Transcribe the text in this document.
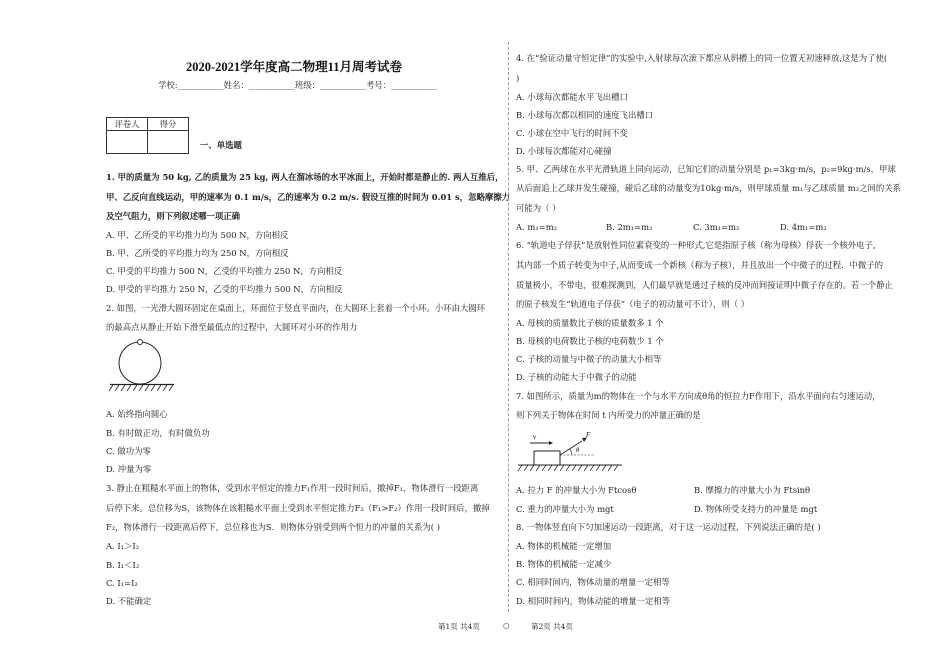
2020-2021学年度高二物理11月周考试卷
学校:___________姓名：___________班级：___________考号：___________
评卷人	得分

一、单选题
1. 甲的质量为 50 kg, 乙的质量为 25 kg, 两人在溜冰场的水平冰面上，开始时都是静止的. 两人互推后，
甲、乙反向直线运动，甲的速率为 0.1 m/s，乙的速率为 0.2 m/s. 假设互推的时间为 0.01 s，忽略摩擦力
及空气阻力，则下列叙述哪一项正确
A. 甲、乙所受的平均推力均为 500 N，方向相反
B. 甲、乙所受的平均推力均为 250 N，方向相反
C. 甲受的平均推力 500 N，乙受的平均推力 250 N，方向相反
D. 甲受的平均推力 250 N，乙受的平均推力 500 N，方向相反
2. 如图，一光滑大圆环固定在桌面上，环面位于竖直平面内，在大圆环上套着一个小环。小环由大圆环
的最高点从静止开始下滑至最低点的过程中，大圆环对小环的作用力
A. 始终指向圆心
B. 有时做正功，有时做负功
C. 做功为零
D. 冲量为零
3. 静止在粗糙水平面上的物体，受到水平恒定的推力F₁作用一段时间后，撤掉F₁，物体滑行一段距离
后停下来。总位移为S，该物体在该粗糙水平面上受到水平恒定推力F₂（F₁>F₂）作用一段时间后，撤掉
F₂，物体滑行一段距离后停下，总位移也为S．则物体分别受到两个恒力的冲量的关系为( )
A. I₁＞I₂
B. I₁＜I₂
C. I₁=I₂
D. 不能确定
4. 在“验证动量守恒定律”的实验中,入射球每次滚下都应从斜槽上的同一位置无初速释放,这是为了使(
)
A. 小球每次都能水平飞出槽口
B. 小球每次都以相同的速度飞出槽口
C. 小球在空中飞行的时间不变
D. 小球每次都能对心碰撞
5. 甲、乙两球在水平光滑轨道上同向运动，已知它们的动量分别是 p₁=3kg·m/s，p₂=9kg·m/s，甲球
从后面追上乙球并发生碰撞，碰后乙球的动量变为10kg·m/s，则甲球质量 m₁与乙球质量 m₂之间的关系
可能为（ ）
A. m₁=m₂	B. 2m₁=m₂	C. 3m₁=m₂	D. 4m₁=m₂
6. “轨道电子俘获”是放射性同位素衰变的一种形式,它是指原子核（称为母核）俘获一个核外电子,
其内部一个质子转变为中子,从而变成一个新核（称为子核），并且放出一个中微子的过程．中微子的
质量极小，不带电，很难探测到，人们最早就是通过子核的反冲而间接证明中微子存在的。若一个静止
的原子核发生“轨道电子俘获”（电子的初动量可不计），则（ ）
A. 母核的质量数比子核的质量数多 1 个
B. 母核的电荷数比子核的电荷数少 1 个
C. 子核的动量与中微子的动量大小相等
D. 子核的动能大于中微子的动能
7. 如图所示，质量为m的物体在一个与水平方向成θ角的恒拉力F作用下，沿水平面向右匀速运动，
则下列关于物体在时间 t 内所受力的冲量正确的是
v	F
θ
A. 拉力 F 的冲量大小为 Ftcosθ	B. 摩擦力的冲量大小为 Ftsinθ
C. 重力的冲量大小为 mgt	D. 物体所受支持力的冲量是 mgt
8. 一物体竖直向下匀加速运动一段距离，对于这一运动过程，下列说法正确的是( )
A. 物体的机械能一定增加
B. 物体的机械能一定减少
C. 相同时间内，物体动量的增量一定相等
D. 相同时间内，物体动能的增量一定相等
第1页 共4页	○	第2页 共4页
